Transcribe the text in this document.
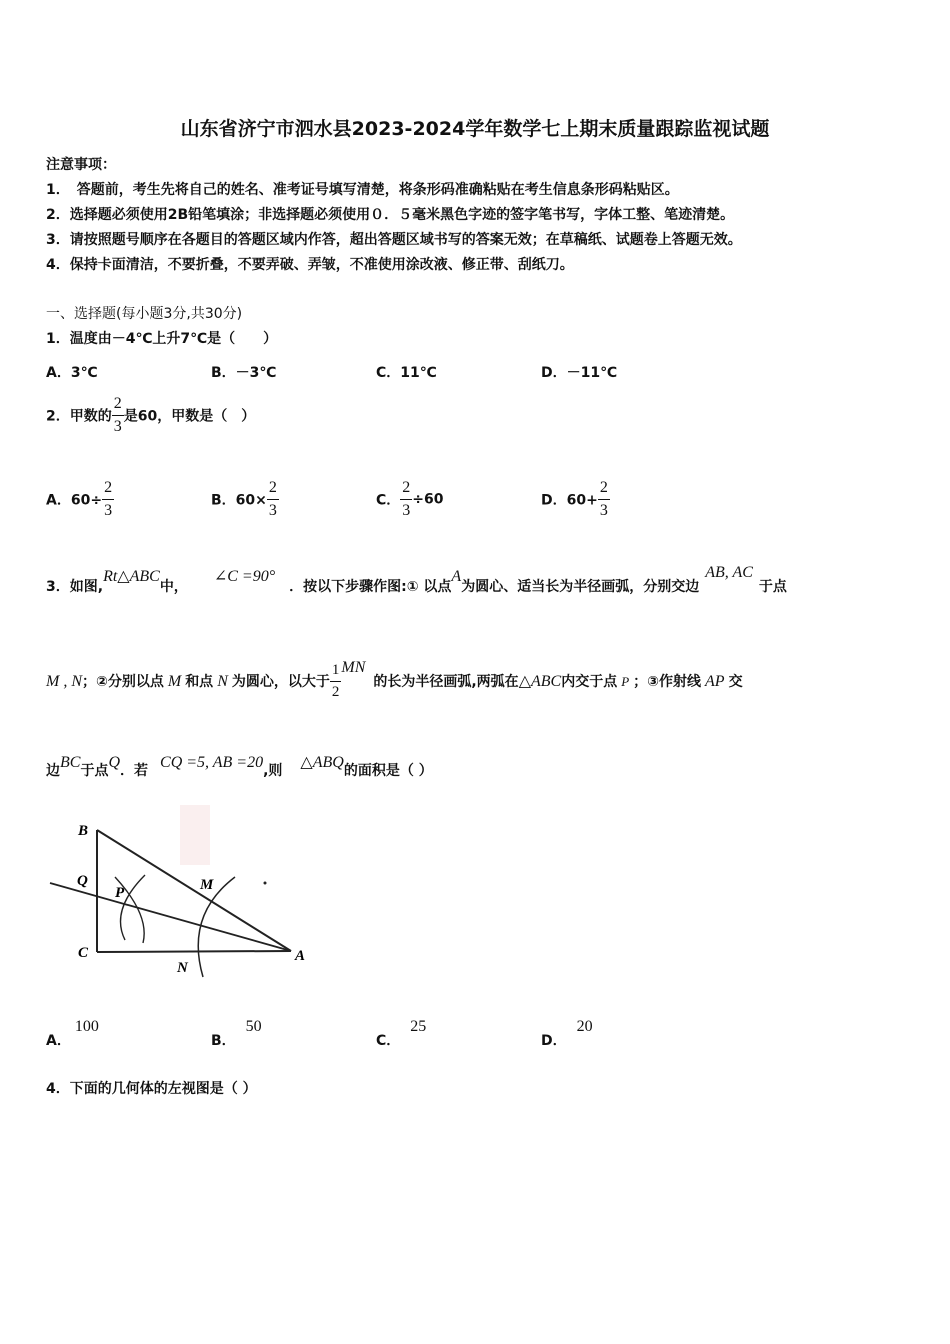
山东省济宁市泗水县2023-2024学年数学七上期末质量跟踪监视试题
注意事项：
1．　答题前，考生先将自己的姓名、准考证号填写清楚，将条形码准确粘贴在考生信息条形码粘贴区。
2．选择题必须使用2B铅笔填涂；非选择题必须使用０．５毫米黑色字迹的签字笔书写，字体工整、笔迹清楚。
3．请按照题号顺序在各题目的答题区域内作答，超出答题区域书写的答案无效；在草稿纸、试题卷上答题无效。
4．保持卡面清洁，不要折叠，不要弄破、弄皱，不准使用涂改液、修正带、刮纸刀。
一、选择题(每小题3分,共30分)
1．温度由－4℃上升7℃是（　　）
A．3℃	B．－3℃	C．11℃	D．－11℃
2．甲数的 $\frac{2}{3}$ 是60，甲数是（　）
A．$60\div \frac{2}{3}$	B．$60\times \frac{2}{3}$	C． $\frac{2}{3} \div 60$	D．$60+ \frac{2}{3}$
3．如图,Rt△ABC中，∠C =90°．按以下步骤作图:① 以点A为圆心、适当长为半径画弧，分别交边AB, AC于点
M , N；②分别以点 M 和点 N 为圆心，以大于 $\frac{1}{2}$ MN的长为半径画弧,两弧在△ABC内交于点 P ；③作射线 AP 交
边BC于点Q．若 CQ =5, AB =20,则 △ABQ的面积是（ ）
B
Q
P	M
C
N
A
A．100
B．50
C．25
D．20
4．下面的几何体的左视图是（ ）
